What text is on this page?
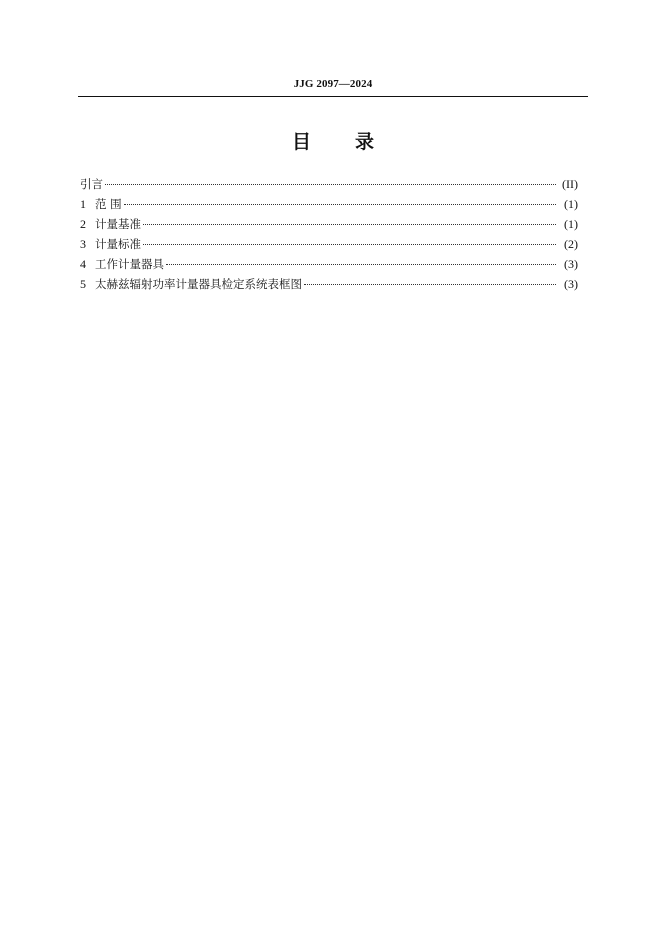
JJG 2097—2024
目 录
引言	(II)
1 范 围	(1)
2 计量基准	(1)
3 计量标准	(2)
4 工作计量器具	(3)
5 太赫兹辐射功率计量器具检定系统表框图	(3)
